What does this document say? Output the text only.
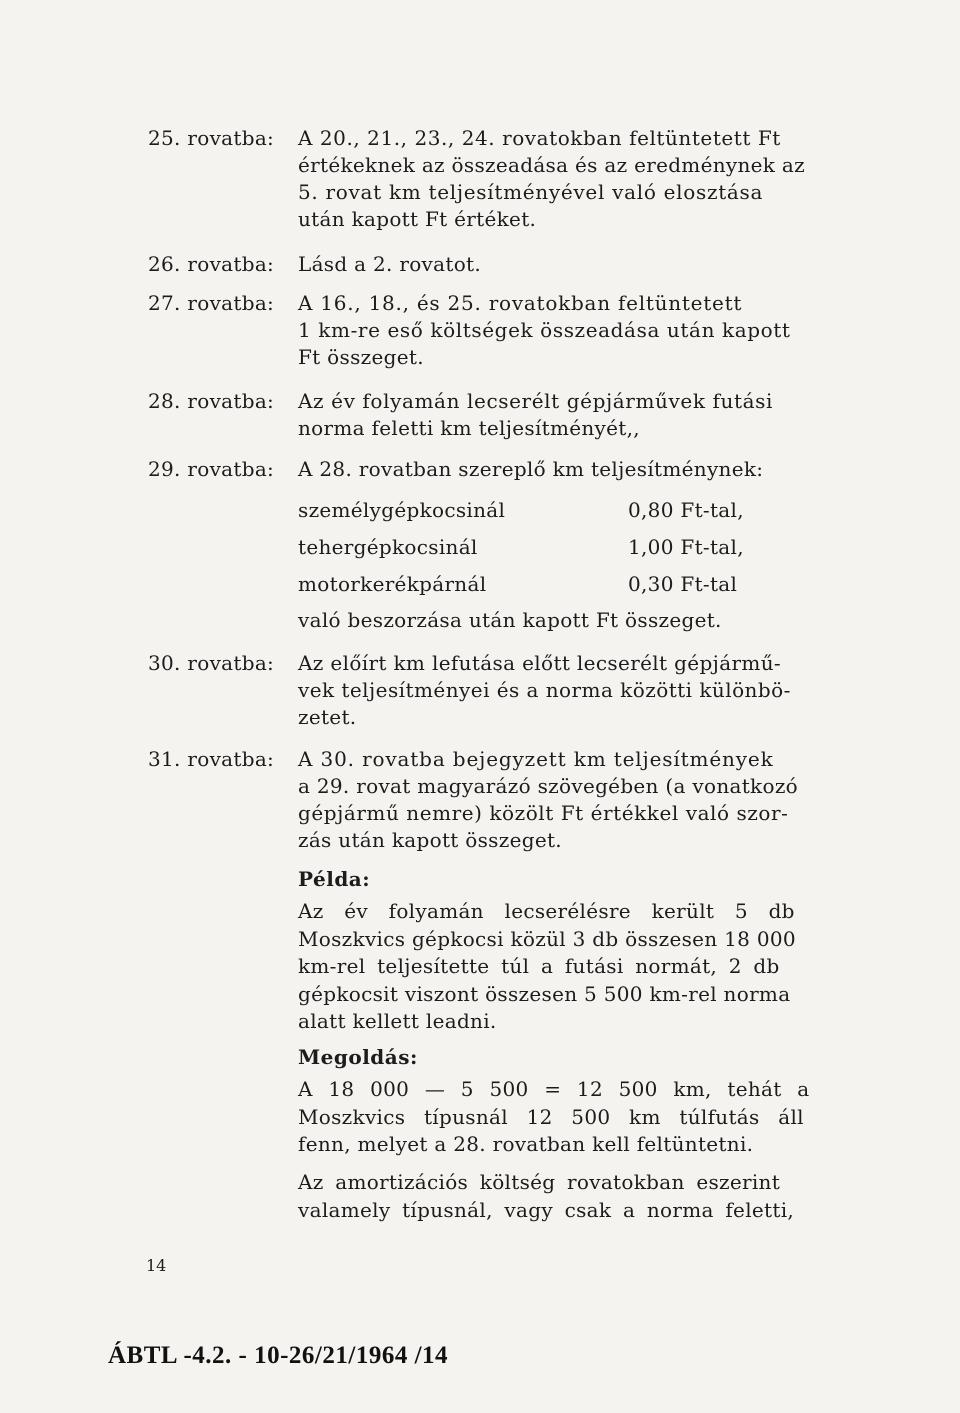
25. rovatba: A 20., 21., 23., 24. rovatokban feltüntetett Ft
értékeknek az összeadása és az eredménynek az
5. rovat km teljesítményével való elosztása
után kapott Ft értéket.
26. rovatba: Lásd a 2. rovatot.
27. rovatba: A 16., 18., és 25. rovatokban feltüntetett
1 km-re eső költségek összeadása után kapott
Ft összeget.
28. rovatba: Az év folyamán lecserélt gépjárművek futási
norma feletti km teljesítményét,,
29. rovatba: A 28. rovatban szereplő km teljesítménynek:
személygépkocsinál	0,80 Ft-tal,
tehergépkocsinál	1,00 Ft-tal,
motorkerékpárnál	0,30 Ft-tal
való beszorzása után kapott Ft összeget.
30. rovatba: Az előírt km lefutása előtt lecserélt gépjármű-
vek teljesítményei és a norma közötti különbö-
zetet.
31. rovatba: A 30. rovatba bejegyzett km teljesítmények
a 29. rovat magyarázó szövegében (a vonatkozó
gépjármű nemre) közölt Ft értékkel való szor-
zás után kapott összeget.
Példa:
Az év folyamán lecserélésre került 5 db
Moszkvics gépkocsi közül 3 db összesen 18 000
km-rel teljesítette túl a futási normát, 2 db
gépkocsit viszont összesen 5 500 km-rel norma
alatt kellett leadni.
Megoldás:
A 18 000 — 5 500 = 12 500 km, tehát a
Moszkvics típusnál 12 500 km túlfutás áll
fenn, melyet a 28. rovatban kell feltüntetni.
Az amortizációs költség rovatokban eszerint
valamely típusnál, vagy csak a norma feletti,
14
ÁBTL -4.2. - 10-26/21/1964 /14
